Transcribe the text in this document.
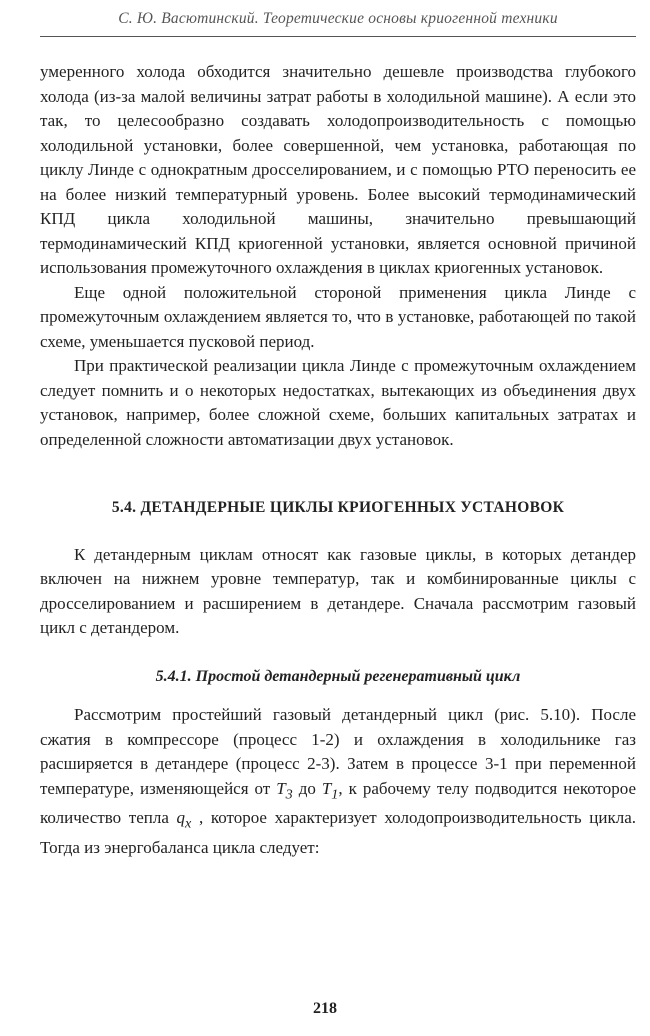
С. Ю. Васютинский. Теоретические основы криогенной техники

умеренного холода обходится значительно дешевле производства глубокого холода (из-за малой величины затрат работы в холодильной машине). А если это так, то целесообразно создавать холодопроизводительность с помощью холодильной установки, более совершенной, чем установка, работающая по циклу Линде с однократным дросселированием, и с помощью РТО переносить ее на более низкий температурный уровень. Более высокий термодинамический КПД цикла холодильной машины, значительно превышающий термодинамический КПД криогенной установки, является основной причиной использования промежуточного охлаждения в циклах криогенных установок.

Еще одной положительной стороной применения цикла Линде с промежуточным охлаждением является то, что в установке, работающей по такой схеме, уменьшается пусковой период.

При практической реализации цикла Линде с промежуточным охлаждением следует помнить и о некоторых недостатках, вытекающих из объединения двух установок, например, более сложной схеме, больших капитальных затратах и определенной сложности автоматизации двух установок.

5.4. ДЕТАНДЕРНЫЕ ЦИКЛЫ КРИОГЕННЫХ УСТАНОВОК

К детандерным циклам относят как газовые циклы, в которых детандер включен на нижнем уровне температур, так и комбинированные циклы с дросселированием и расширением в детандере. Сначала рассмотрим газовый цикл с детандером.

5.4.1. Простой детандерный регенеративный цикл

Рассмотрим простейший газовый детандерный цикл (рис. 5.10). После сжатия в компрессоре (процесс 1-2) и охлаждения в холодильнике газ расширяется в детандере (процесс 2-3). Затем в процессе 3-1 при переменной температуре, изменяющейся от $T_3$ до $T_1$, к рабочему телу подводится некоторое количество тепла $q_x$ , которое характеризует холодопроизводительность цикла. Тогда из энергобаланса цикла следует:

218
